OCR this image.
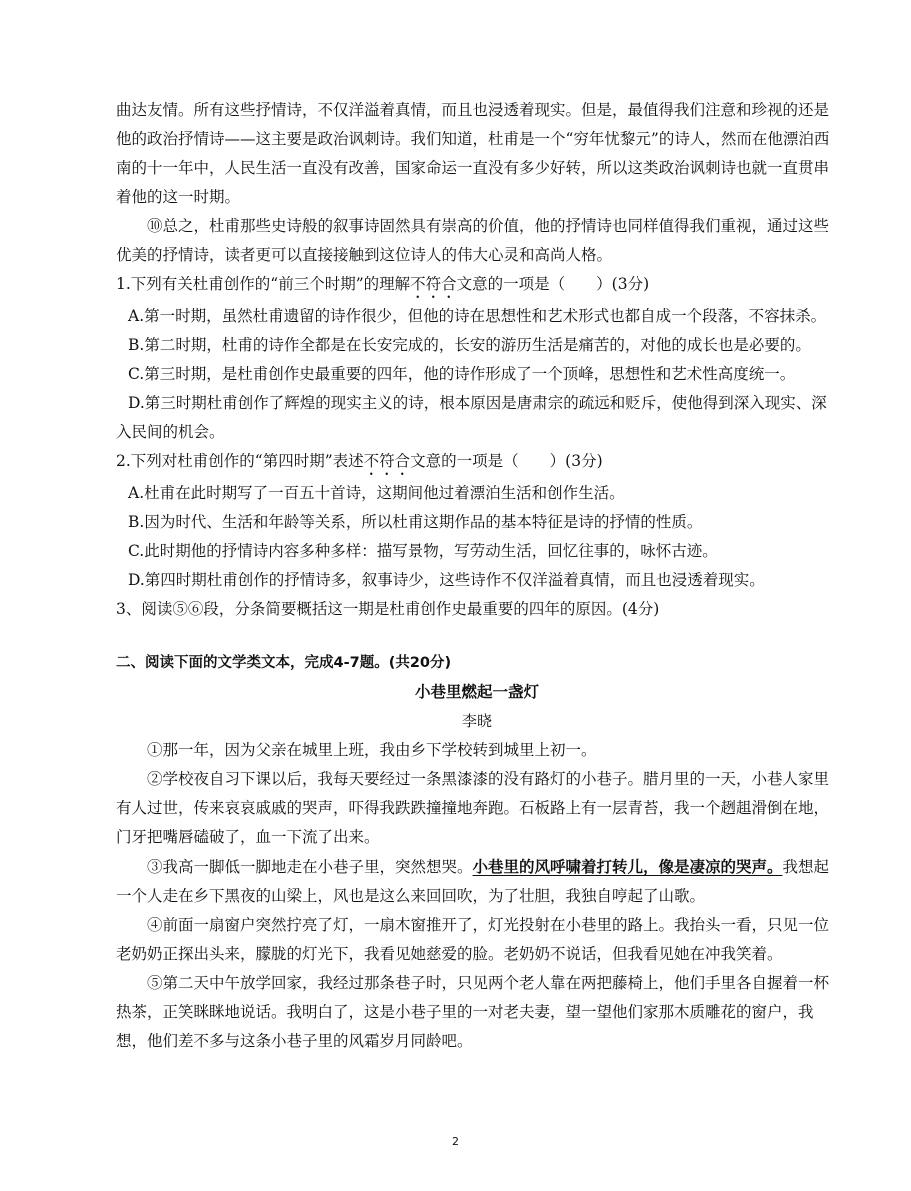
曲达友情。所有这些抒情诗，不仅洋溢着真情，而且也浸透着现实。但是，最值得我们注意和珍视的还是他的政治抒情诗——这主要是政治讽刺诗。我们知道，杜甫是一个“穷年忧黎元”的诗人，然而在他漂泊西南的十一年中，人民生活一直没有改善，国家命运一直没有多少好转，所以这类政治讽刺诗也就一直贯串着他的这一时期。

⑩总之，杜甫那些史诗般的叙事诗固然具有崇高的价值，他的抒情诗也同样值得我们重视，通过这些优美的抒情诗，读者更可以直接接触到这位诗人的伟大心灵和高尚人格。

1.下列有关杜甫创作的“前三个时期”的理解不符合文意的一项是（　　）(3分)

A.第一时期，虽然杜甫遗留的诗作很少，但他的诗在思想性和艺术形式也都自成一个段落，不容抹杀。

B.第二时期，杜甫的诗作全都是在长安完成的，长安的游历生活是痛苦的，对他的成长也是必要的。

C.第三时期，是杜甫创作史最重要的四年，他的诗作形成了一个顶峰，思想性和艺术性高度统一。

D.第三时期杜甫创作了辉煌的现实主义的诗，根本原因是唐肃宗的疏远和贬斥，使他得到深入现实、深入民间的机会。

2.下列对杜甫创作的“第四时期”表述不符合文意的一项是（　　）(3分)

A.杜甫在此时期写了一百五十首诗，这期间他过着漂泊生活和创作生活。

B.因为时代、生活和年龄等关系，所以杜甫这期作品的基本特征是诗的抒情的性质。

C.此时期他的抒情诗内容多种多样：描写景物，写劳动生活，回忆往事的，咏怀古迹。

D.第四时期杜甫创作的抒情诗多，叙事诗少，这些诗作不仅洋溢着真情，而且也浸透着现实。

3、阅读⑤⑥段，分条简要概括这一期是杜甫创作史最重要的四年的原因。(4分)

二、阅读下面的文学类文本，完成4-7题。(共20分)

小巷里燃起一盏灯

李晓

①那一年，因为父亲在城里上班，我由乡下学校转到城里上初一。

②学校夜自习下课以后，我每天要经过一条黑漆漆的没有路灯的小巷子。腊月里的一天，小巷人家里有人过世，传来哀哀戚戚的哭声，吓得我跌跌撞撞地奔跑。石板路上有一层青苔，我一个趔趄滑倒在地，门牙把嘴唇磕破了，血一下流了出来。

③我高一脚低一脚地走在小巷子里，突然想哭。小巷里的风呼啸着打转儿，像是凄凉的哭声。我想起一个人走在乡下黑夜的山梁上，风也是这么来回回吹，为了壮胆，我独自哼起了山歌。

④前面一扇窗户突然拧亮了灯，一扇木窗推开了，灯光投射在小巷里的路上。我抬头一看，只见一位老奶奶正探出头来，朦胧的灯光下，我看见她慈爱的脸。老奶奶不说话，但我看见她在冲我笑着。

⑤第二天中午放学回家，我经过那条巷子时，只见两个老人靠在两把藤椅上，他们手里各自握着一杯热茶，正笑眯眯地说话。我明白了，这是小巷子里的一对老夫妻，望一望他们家那木质雕花的窗户，我想，他们差不多与这条小巷子里的风霜岁月同龄吧。

2
